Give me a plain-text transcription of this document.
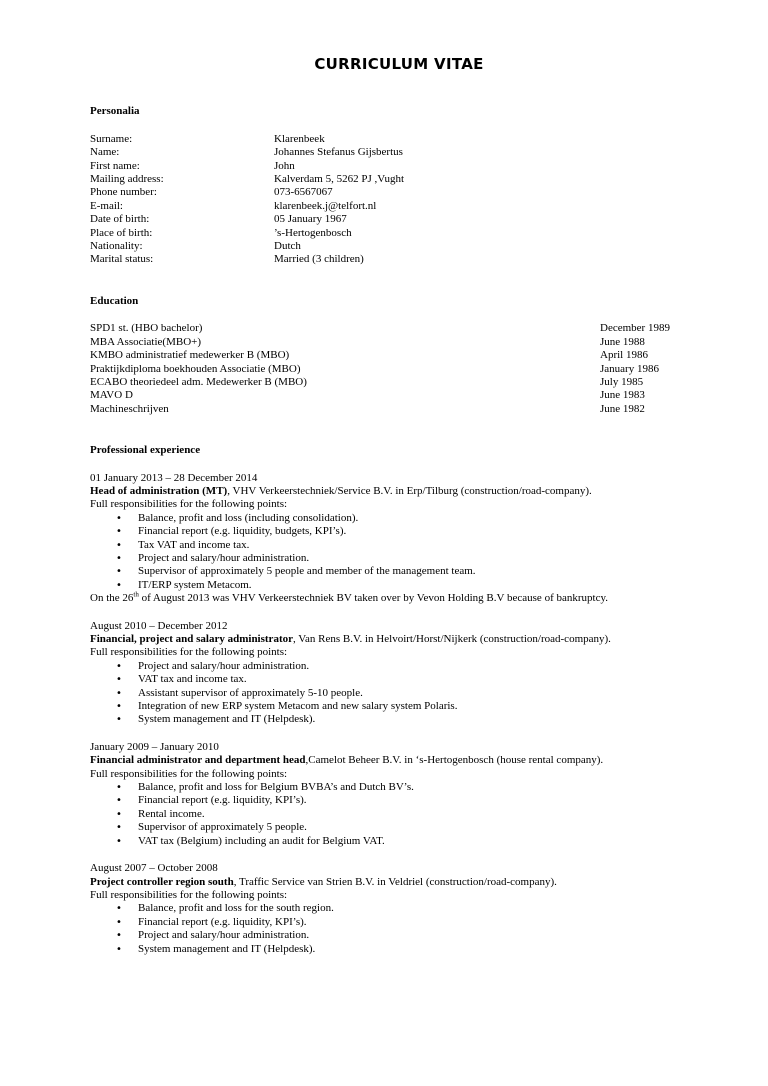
CURRICULUM VITAE
Personalia
Surname:	Klarenbeek
Name:	Johannes Stefanus Gijsbertus
First name:	John
Mailing address:	Kalverdam 5, 5262 PJ ,Vught
Phone number:	073-6567067
E-mail:	klarenbeek.j@telfort.nl
Date of birth:	05 January 1967
Place of birth:	’s-Hertogenbosch
Nationality:	Dutch
Marital status:	Married (3 children)
Education
SPD1 st. (HBO bachelor)	December 1989
MBA Associatie(MBO+)	June 1988
KMBO administratief medewerker B (MBO)	April 1986
Praktijkdiploma boekhouden Associatie (MBO)	January 1986
ECABO theoriedeel adm. Medewerker B (MBO)	July 1985
MAVO D	June 1983
Machineschrijven	June 1982
Professional experience
01 January 2013 – 28 December 2014
Head of administration (MT), VHV Verkeerstechniek/Service B.V. in Erp/Tilburg (construction/road-company).
Full responsibilities for the following points:
• Balance, profit and loss (including consolidation).
• Financial report (e.g. liquidity, budgets, KPI’s).
• Tax VAT and income tax.
• Project and salary/hour administration.
• Supervisor of approximately 5 people and member of the management team.
• IT/ERP system Metacom.
On the 26th of August 2013 was VHV Verkeerstechniek BV taken over by Vevon Holding B.V because of bankruptcy.
August 2010 – December 2012
Financial, project and salary administrator, Van Rens B.V. in Helvoirt/Horst/Nijkerk (construction/road-company).
Full responsibilities for the following points:
• Project and salary/hour administration.
• VAT tax and income tax.
• Assistant supervisor of approximately 5-10 people.
• Integration of new ERP system Metacom and new salary system Polaris.
• System management and IT (Helpdesk).
January 2009 – January 2010
Financial administrator and department head,Camelot Beheer B.V. in ‘s-Hertogenbosch (house rental company).
Full responsibilities for the following points:
• Balance, profit and loss for Belgium BVBA’s and Dutch BV’s.
• Financial report (e.g. liquidity, KPI’s).
• Rental income.
• Supervisor of approximately 5 people.
• VAT tax (Belgium) including an audit for Belgium VAT.
August 2007 – October 2008
Project controller region south, Traffic Service van Strien B.V. in Veldriel (construction/road-company).
Full responsibilities for the following points:
• Balance, profit and loss for the south region.
• Financial report (e.g. liquidity, KPI’s).
• Project and salary/hour administration.
• System management and IT (Helpdesk).
